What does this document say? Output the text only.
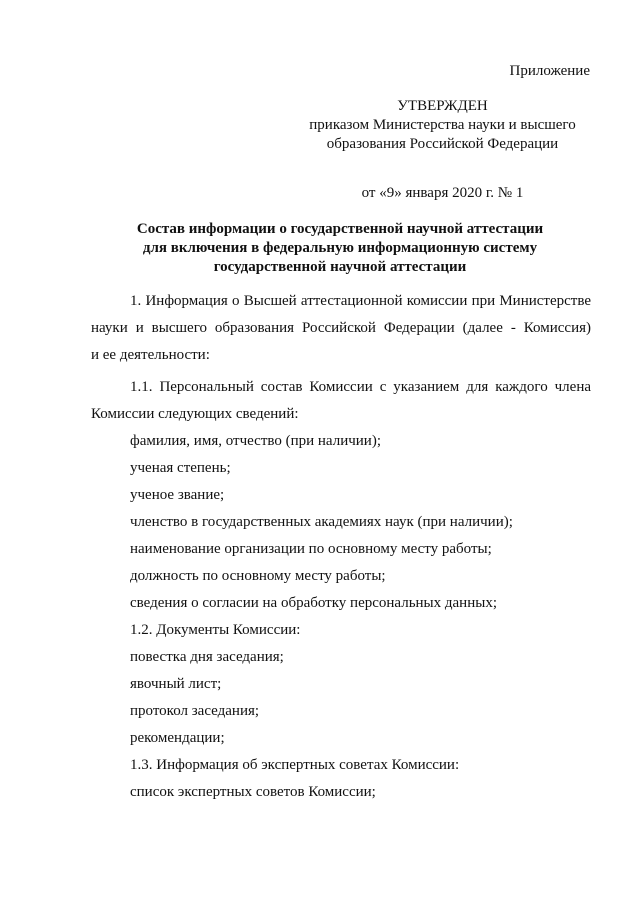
Приложение
УТВЕРЖДЕН
приказом Министерства науки и высшего
образования Российской Федерации
от «9» января 2020 г. № 1
Состав информации о государственной научной аттестации
для включения в федеральную информационную систему
государственной научной аттестации

1. Информация о Высшей аттестационной комиссии при Министерстве

науки и высшего образования Российской Федерации (далее - Комиссия)

и ее деятельности:

1.1. Персональный состав Комиссии с указанием для каждого члена

Комиссии следующих сведений:

фамилия, имя, отчество (при наличии);

ученая степень;

ученое звание;

членство в государственных академиях наук (при наличии);

наименование организации по основному месту работы;

должность по основному месту работы;

сведения о согласии на обработку персональных данных;

1.2. Документы Комиссии:

повестка дня заседания;

явочный лист;

протокол заседания;

рекомендации;

1.3. Информация об экспертных советах Комиссии:

список экспертных советов Комиссии;
